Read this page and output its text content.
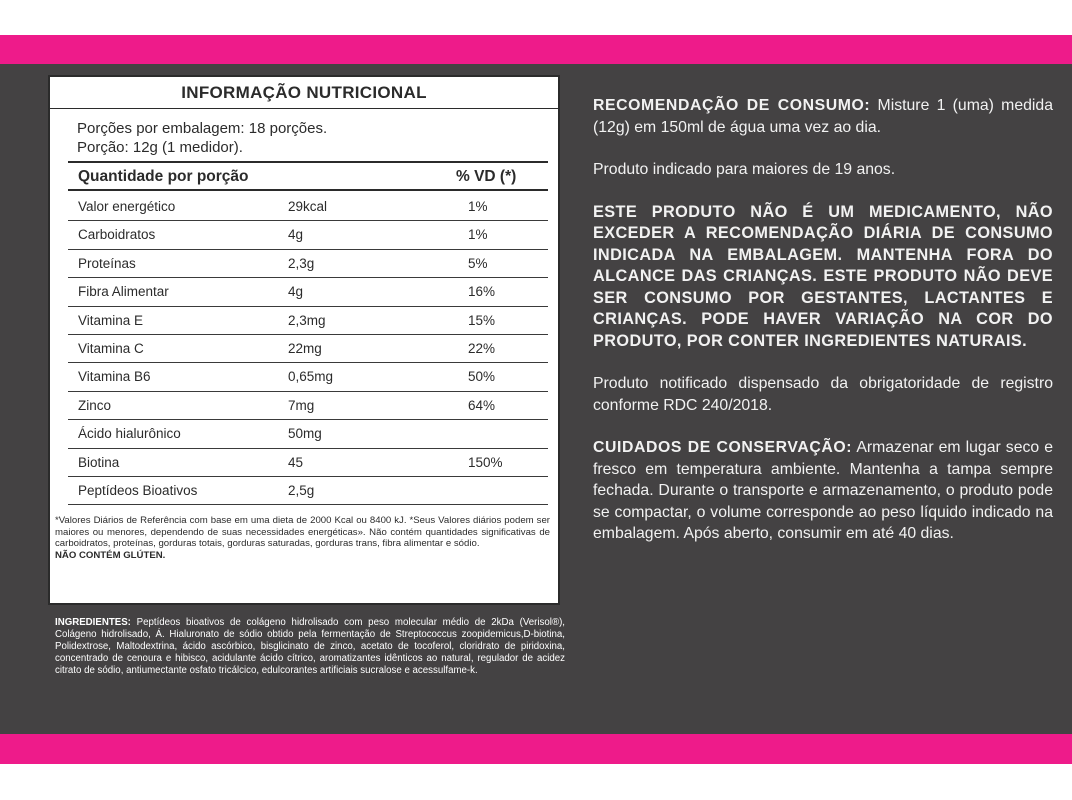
INFORMAÇÃO NUTRICIONAL
Porções por embalagem: 18 porções.
Porção: 12g (1 medidor).
Quantidade por porção	% VD (*)
Valor energético	29kcal	1%
Carboidratos	4g	1%
Proteínas	2,3g	5%
Fibra Alimentar	4g	16%
Vitamina E	2,3mg	15%
Vitamina C	22mg	22%
Vitamina B6	0,65mg	50%
Zinco	7mg	64%
Ácido hialurônico	50mg
Biotina	45	150%
Peptídeos Bioativos	2,5g
*Valores Diários de Referência com base em uma dieta de 2000 Kcal ou 8400 kJ. *Seus Valores diários podem ser maiores ou menores, dependendo de suas necessidades energéticas». Não contém quantidades significativas de carboidratos, proteínas, gorduras totais, gorduras saturadas, gorduras trans, fibra alimentar e sódio.
NÃO CONTÉM GLÚTEN.
INGREDIENTES: Peptídeos bioativos de colágeno hidrolisado com peso molecular médio de 2kDa (Verisol®), Colágeno hidrolisado, Á. Hialuronato de sódio obtido pela fermentação de Streptococcus zoopidemicus,D-biotina, Polidextrose, Maltodextrina, ácido ascórbico, bisglicinato de zinco, acetato de tocoferol, cloridrato de piridoxina, concentrado de cenoura e hibisco, acidulante ácido cítrico, aromatizantes idênticos ao natural, regulador de acidez citrato de sódio, antiumectante osfato tricálcico, edulcorantes artificiais sucralose e acessulfame-k.
RECOMENDAÇÃO DE CONSUMO: Misture 1 (uma) medida (12g) em 150ml de água uma vez ao dia.
Produto indicado para maiores de 19 anos.
ESTE PRODUTO NÃO É UM MEDICAMENTO, NÃO EXCEDER A RECOMENDAÇÃO DIÁRIA DE CONSUMO INDICADA NA EMBALAGEM. MANTENHA FORA DO ALCANCE DAS CRIANÇAS. ESTE PRODUTO NÃO DEVE SER CONSUMO POR GESTANTES, LACTANTES E CRIANÇAS. PODE HAVER VARIAÇÃO NA COR DO PRODUTO, POR CONTER INGREDIENTES NATURAIS.
Produto notificado dispensado da obrigatoridade de registro conforme RDC 240/2018.
CUIDADOS DE CONSERVAÇÃO: Armazenar em lugar seco e fresco em temperatura ambiente. Mantenha a tampa sempre fechada. Durante o transporte e armazenamento, o produto pode se compactar, o volume corresponde ao peso líquido indicado na embalagem. Após aberto, consumir em até 40 dias.
